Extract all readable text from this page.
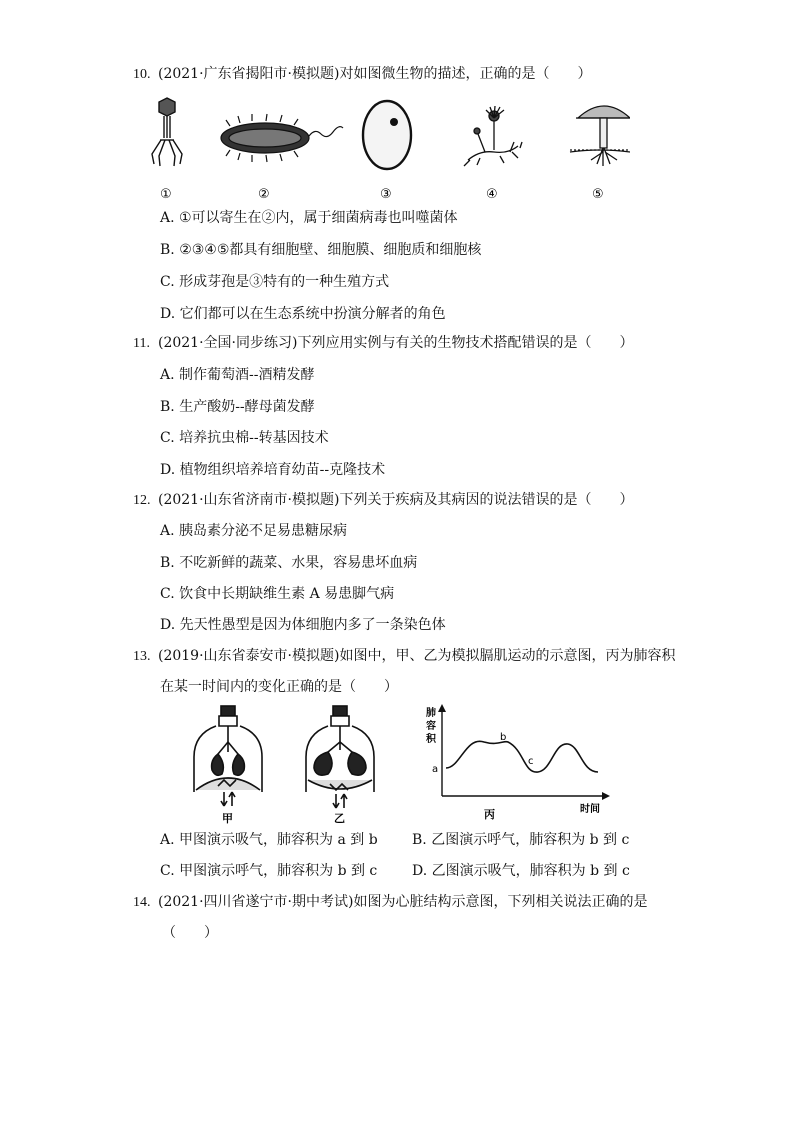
10. (2021·广东省揭阳市·模拟题)对如图微生物的描述，正确的是（　　）
①	②	③	④	⑤
A. ①可以寄生在②内，属于细菌病毒也叫噬菌体
B. ②③④⑤都具有细胞壁、细胞膜、细胞质和细胞核
C. 形成芽孢是③特有的一种生殖方式
D. 它们都可以在生态系统中扮演分解者的角色
11. (2021·全国·同步练习)下列应用实例与有关的生物技术搭配错误的是（　　）
A. 制作葡萄酒--酒精发酵
B. 生产酸奶--酵母菌发酵
C. 培养抗虫棉--转基因技术
D. 植物组织培养培育幼苗--克隆技术
12. (2021·山东省济南市·模拟题)下列关于疾病及其病因的说法错误的是（　　）
A. 胰岛素分泌不足易患糖尿病
B. 不吃新鲜的蔬菜、水果，容易患坏血病
C. 饮食中长期缺维生素 A 易患脚气病
D. 先天性愚型是因为体细胞内多了一条染色体
13. (2019·山东省泰安市·模拟题)如图中，甲、乙为模拟膈肌运动的示意图，丙为肺容积
在某一时间内的变化正确的是（　　）
甲	乙
肺
容
积
a
b
c
时间
丙
A. 甲图演示吸气，肺容积为 a 到 b B. 乙图演示呼气，肺容积为 b 到 c
C. 甲图演示呼气，肺容积为 b 到 c D. 乙图演示吸气，肺容积为 b 到 c
14. (2021·四川省遂宁市·期中考试)如图为心脏结构示意图，下列相关说法正确的是
（　　）
